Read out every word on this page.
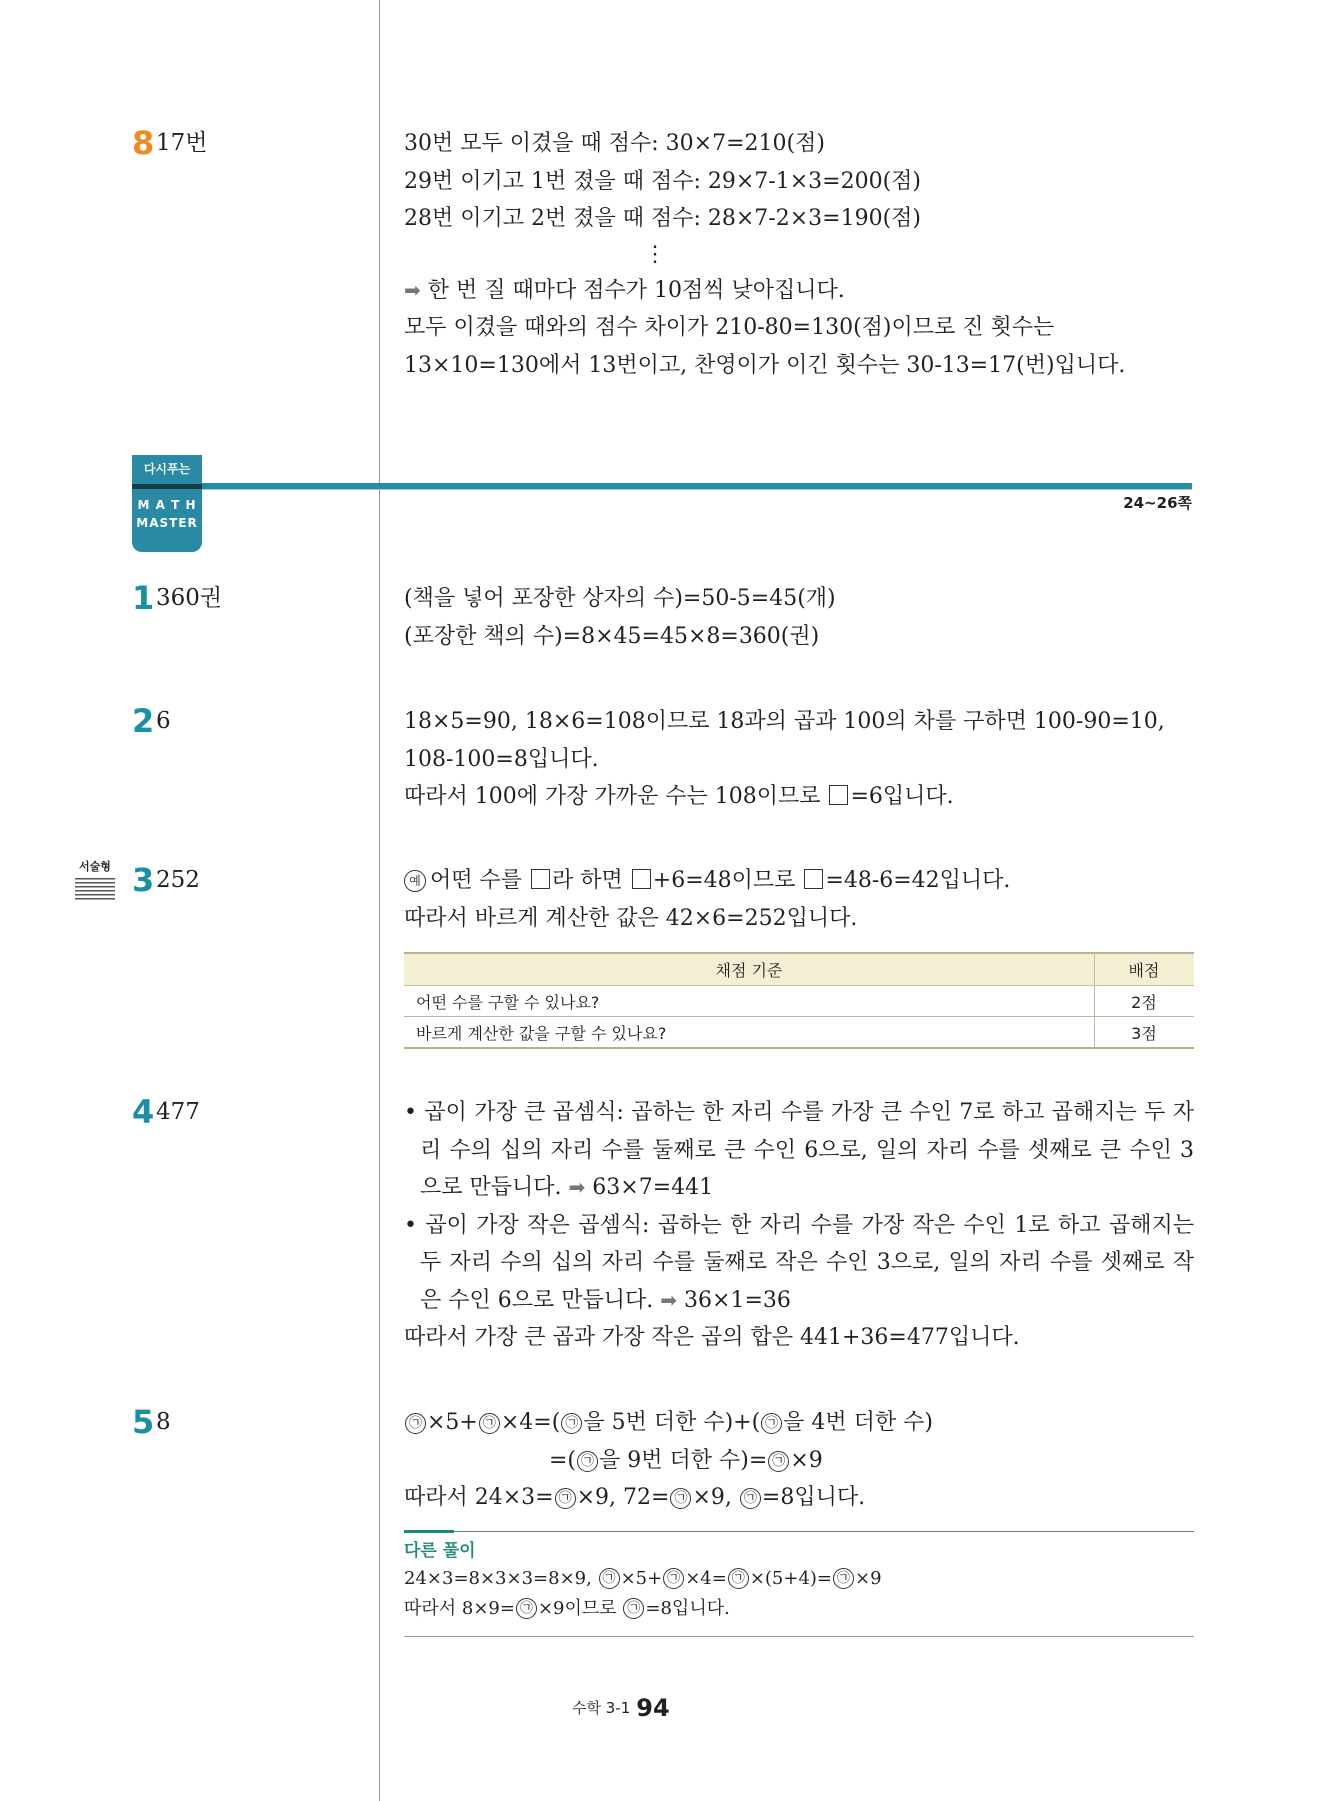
8 17번	30번 모두 이겼을 때 점수: 30×7=210(점)
29번 이기고 1번 졌을 때 점수: 29×7-1×3=200(점)
28번 이기고 2번 졌을 때 점수: 28×7-2×3=190(점)
⋮
➡ 한 번 질 때마다 점수가 10점씩 낮아집니다.
모두 이겼을 때와의 점수 차이가 210-80=130(점)이므로 진 횟수는
13×10=130에서 13번이고, 찬영이가 이긴 횟수는 30-13=17(번)입니다.
다시푸는
M A T H
MASTER
24~26쪽
1 360권	(책을 넣어 포장한 상자의 수)=50-5=45(개)
(포장한 책의 수)=8×45=45×8=360(권)
2 6	18×5=90, 18×6=108이므로 18과의 곱과 100의 차를 구하면 100-90=10,
108-100=8입니다.
따라서 100에 가장 가까운 수는 108이므로 =6입니다.
서술형 3 252	예 어떤 수를 라 하면 +6=48이므로 =48-6=42입니다.
따라서 바르게 계산한 값은 42×6=252입니다.
채점 기준	배점
어떤 수를 구할 수 있나요?	2점
바르게 계산한 값을 구할 수 있나요?	3점
4 477	• 곱이 가장 큰 곱셈식: 곱하는 한 자리 수를 가장 큰 수인 7로 하고 곱해지는 두 자리 수의 십의 자리 수를 둘째로 큰 수인 6으로, 일의 자리 수를 셋째로 큰 수인 3으로 만듭니다. ➡ 63×7=441
• 곱이 가장 작은 곱셈식: 곱하는 한 자리 수를 가장 작은 수인 1로 하고 곱해지는 두 자리 수의 십의 자리 수를 둘째로 작은 수인 3으로, 일의 자리 수를 셋째로 작은 수인 6으로 만듭니다. ➡ 36×1=36
따라서 가장 큰 곱과 가장 작은 곱의 합은 441+36=477입니다.
5 8	㉠ ×5+ ㉠ ×4=( ㉠ 을 5번 더한 수)+( ㉠ 을 4번 더한 수)
=( ㉠ 을 9번 더한 수)= ㉠ ×9
따라서 24×3= ㉠ ×9, 72= ㉠ ×9, ㉠ =8입니다.
다른 풀이
24×3=8×3×3=8×9, ㉠ ×5+ ㉠ ×4= ㉠ ×(5+4)= ㉠ ×9
따라서 8×9= ㉠ ×9이므로 ㉠ =8입니다.
수학 3-1 94
